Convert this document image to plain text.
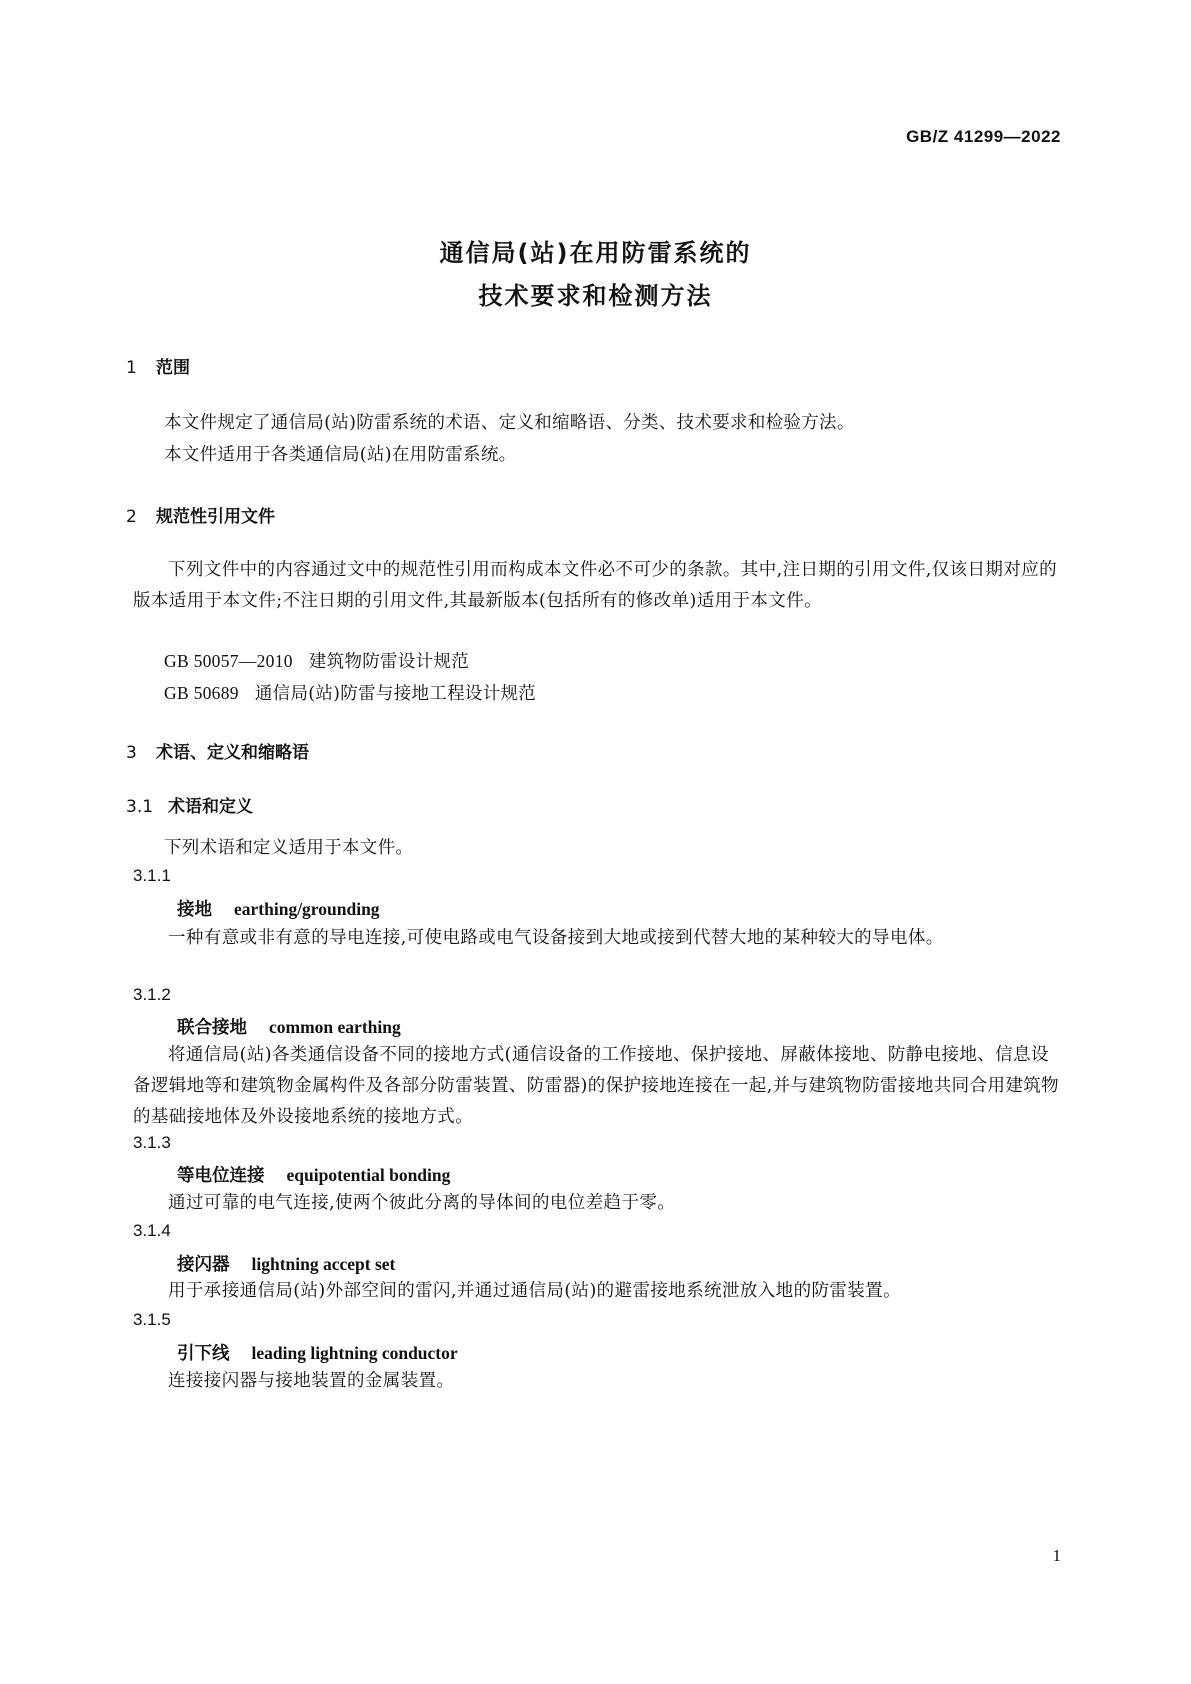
GB/Z 41299—2022
通信局(站)在用防雷系统的
技术要求和检测方法
1 范围
本文件规定了通信局(站)防雷系统的术语、定义和缩略语、分类、技术要求和检验方法。
本文件适用于各类通信局(站)在用防雷系统。
2 规范性引用文件
下列文件中的内容通过文中的规范性引用而构成本文件必不可少的条款。其中,注日期的引用文件,仅该日期对应的版本适用于本文件;不注日期的引用文件,其最新版本(包括所有的修改单)适用于本文件。
GB 50057—2010 建筑物防雷设计规范
GB 50689 通信局(站)防雷与接地工程设计规范
3 术语、定义和缩略语
3.1 术语和定义
下列术语和定义适用于本文件。
3.1.1
接地 earthing/grounding
一种有意或非有意的导电连接,可使电路或电气设备接到大地或接到代替大地的某种较大的导电体。
3.1.2
联合接地 common earthing
将通信局(站)各类通信设备不同的接地方式(通信设备的工作接地、保护接地、屏蔽体接地、防静电接地、信息设备逻辑地等和建筑物金属构件及各部分防雷装置、防雷器)的保护接地连接在一起,并与建筑物防雷接地共同合用建筑物的基础接地体及外设接地系统的接地方式。
3.1.3
等电位连接 equipotential bonding
通过可靠的电气连接,使两个彼此分离的导体间的电位差趋于零。
3.1.4
接闪器 lightning accept set
用于承接通信局(站)外部空间的雷闪,并通过通信局(站)的避雷接地系统泄放入地的防雷装置。
3.1.5
引下线 leading lightning conductor
连接接闪器与接地装置的金属装置。
1
